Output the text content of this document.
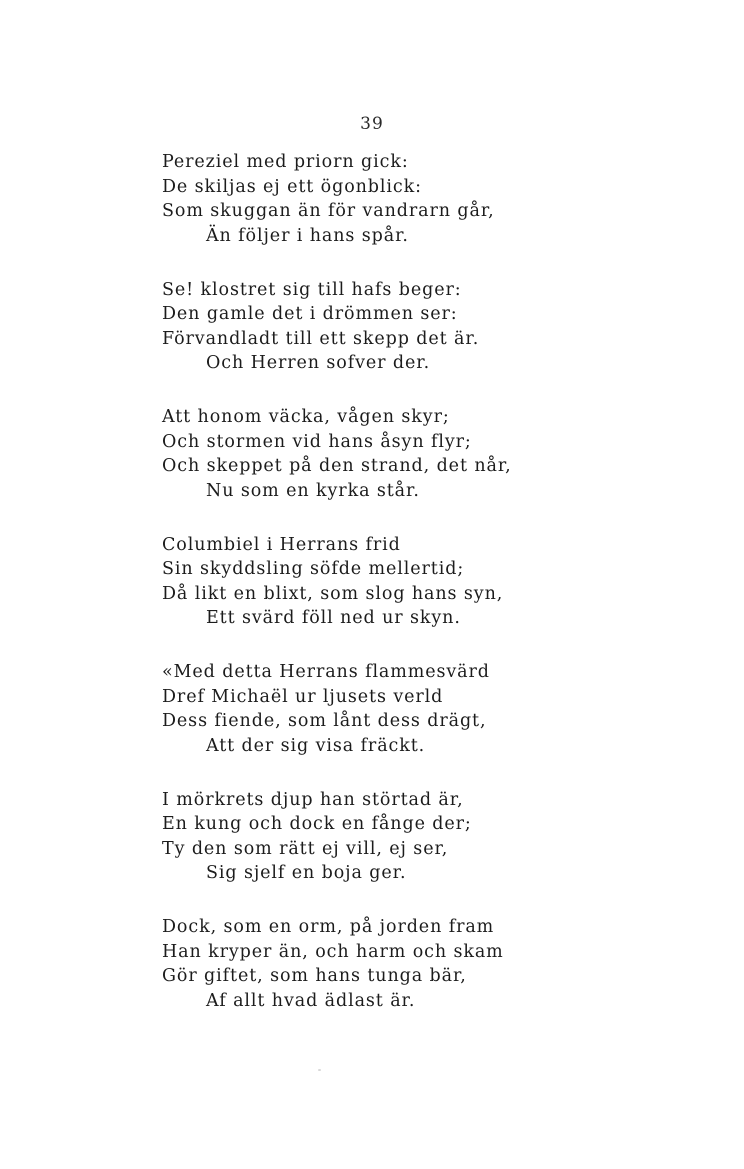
39
Pereziel med priorn gick:
De skiljas ej ett ögonblick:
Som skuggan än för vandrarn går,
Än följer i hans spår.
Se! klostret sig till hafs beger:
Den gamle det i drömmen ser:
Förvandladt till ett skepp det är.
Och Herren sofver der.
Att honom väcka, vågen skyr;
Och stormen vid hans åsyn flyr;
Och skeppet på den strand, det når,
Nu som en kyrka står.
Columbiel i Herrans frid
Sin skyddsling söfde mellertid;
Då likt en blixt, som slog hans syn,
Ett svärd föll ned ur skyn.
«Med detta Herrans flammesvärd
Dref Michaël ur ljusets verld
Dess fiende, som lånt dess drägt,
Att der sig visa fräckt.
I mörkrets djup han störtad är,
En kung och dock en fånge der;
Ty den som rätt ej vill, ej ser,
Sig sjelf en boja ger.
Dock, som en orm, på jorden fram
Han kryper än, och harm och skam
Gör giftet, som hans tunga bär,
Af allt hvad ädlast är.
